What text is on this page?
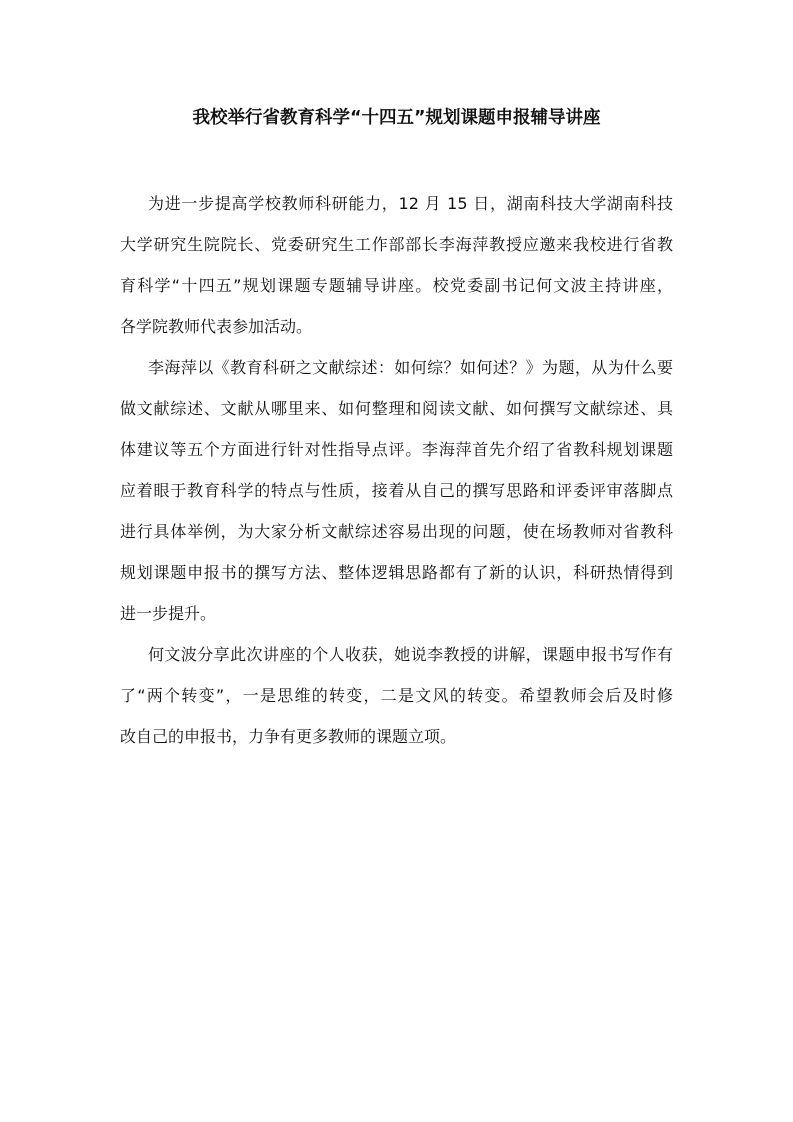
我校举行省教育科学“十四五”规划课题申报辅导讲座
为进一步提高学校教师科研能力，12 月 15 日，湖南科技大学湖南科技
大学研究生院院长、党委研究生工作部部长李海萍教授应邀来我校进行省教
育科学“十四五”规划课题专题辅导讲座。校党委副书记何文波主持讲座，
各学院教师代表参加活动。
李海萍以《教育科研之文献综述：如何综？如何述？》为题，从为什么要
做文献综述、文献从哪里来、如何整理和阅读文献、如何撰写文献综述、具
体建议等五个方面进行针对性指导点评。李海萍首先介绍了省教科规划课题
应着眼于教育科学的特点与性质，接着从自己的撰写思路和评委评审落脚点
进行具体举例，为大家分析文献综述容易出现的问题，使在场教师对省教科
规划课题申报书的撰写方法、整体逻辑思路都有了新的认识，科研热情得到
进一步提升。
何文波分享此次讲座的个人收获，她说李教授的讲解，课题申报书写作有
了“两个转变”，一是思维的转变，二是文风的转变。希望教师会后及时修
改自己的申报书，力争有更多教师的课题立项。
